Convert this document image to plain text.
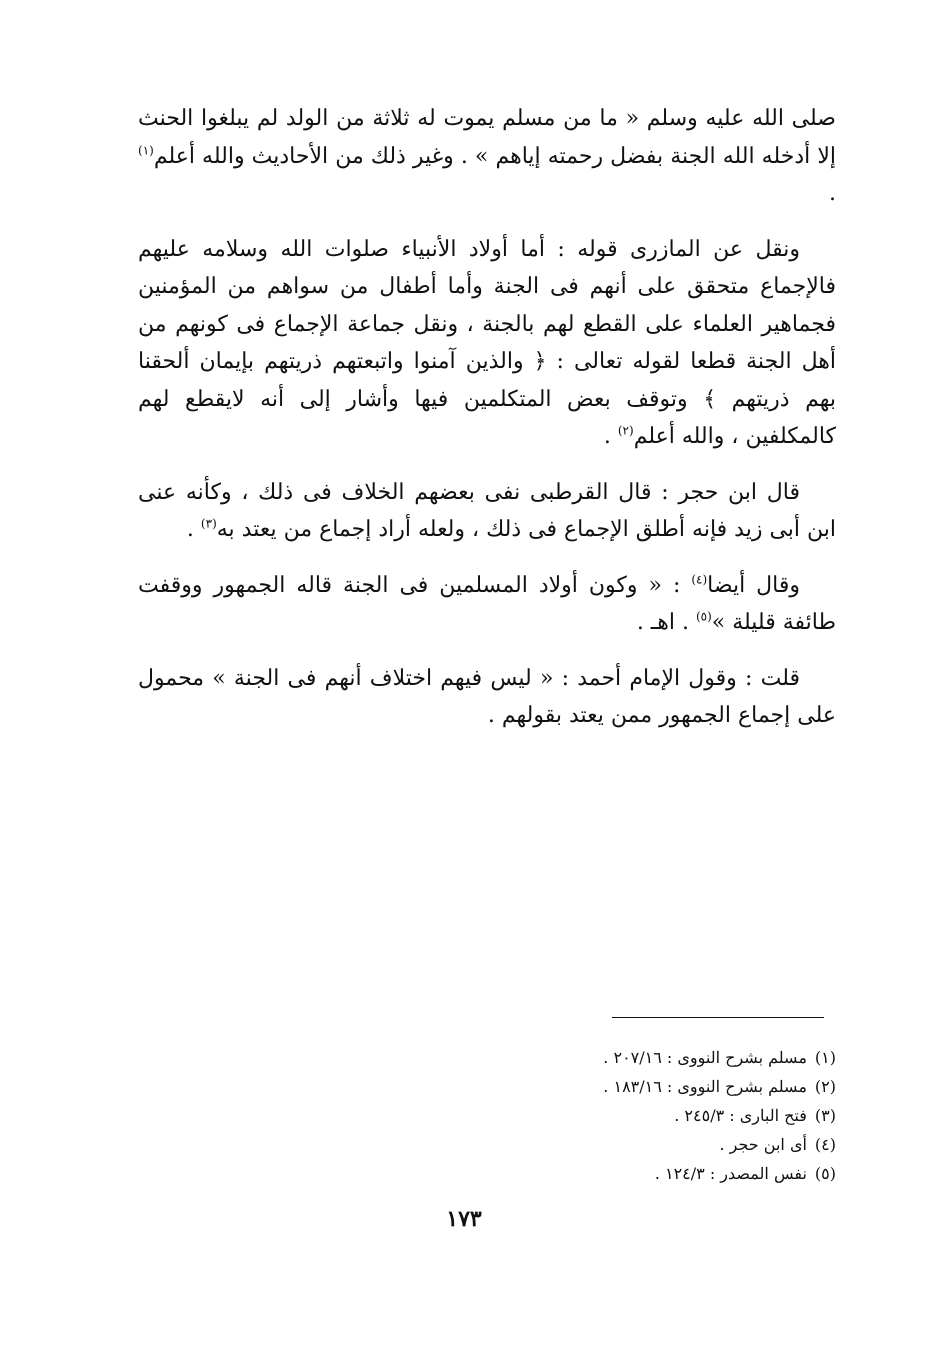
صلى الله عليه وسلم « ما من مسلم يموت له ثلاثة من الولد لم يبلغوا الحنث إلا أدخله الله الجنة بفضل رحمته إياهم » . وغير ذلك من الأحاديث والله أعلم$^{(١)}$ .

ونقل عن المازرى قوله : أما أولاد الأنبياء صلوات الله وسلامه عليهم فالإجماع متحقق على أنهم فى الجنة وأما أطفال من سواهم من المؤمنين فجماهير العلماء على القطع لهم بالجنة ، ونقل جماعة الإجماع فى كونهم من أهل الجنة قطعا لقوله تعالى : ﴿ والذين آمنوا واتبعتهم ذريتهم بإيمان ألحقنا بهم ذريتهم ﴾ وتوقف بعض المتكلمين فيها وأشار إلى أنه لايقطع لهم كالمكلفين ، والله أعلم$^{(٢)}$ .

قال ابن حجر : قال القرطبى نفى بعضهم الخلاف فى ذلك ، وكأنه عنى ابن أبى زيد فإنه أطلق الإجماع فى ذلك ، ولعله أراد إجماع من يعتد به$^{(٣)}$ .

وقال أيضا$^{(٤)}$ : « وكون أولاد المسلمين فى الجنة قاله الجمهور ووقفت طائفة قليلة »$^{(٥)}$ . اهـ .

قلت : وقول الإمام أحمد : « ليس فيهم اختلاف أنهم فى الجنة » محمول على إجماع الجمهور ممن يعتد بقولهم .

(١)مسلم بشرح النووى : ٢٠٧/١٦ .

(٢)مسلم بشرح النووى : ١٨٣/١٦ .

(٣)فتح البارى : ٢٤٥/٣ .

(٤)أى ابن حجر .

(٥)نفس المصدر : ١٢٤/٣ .

١٧٣
